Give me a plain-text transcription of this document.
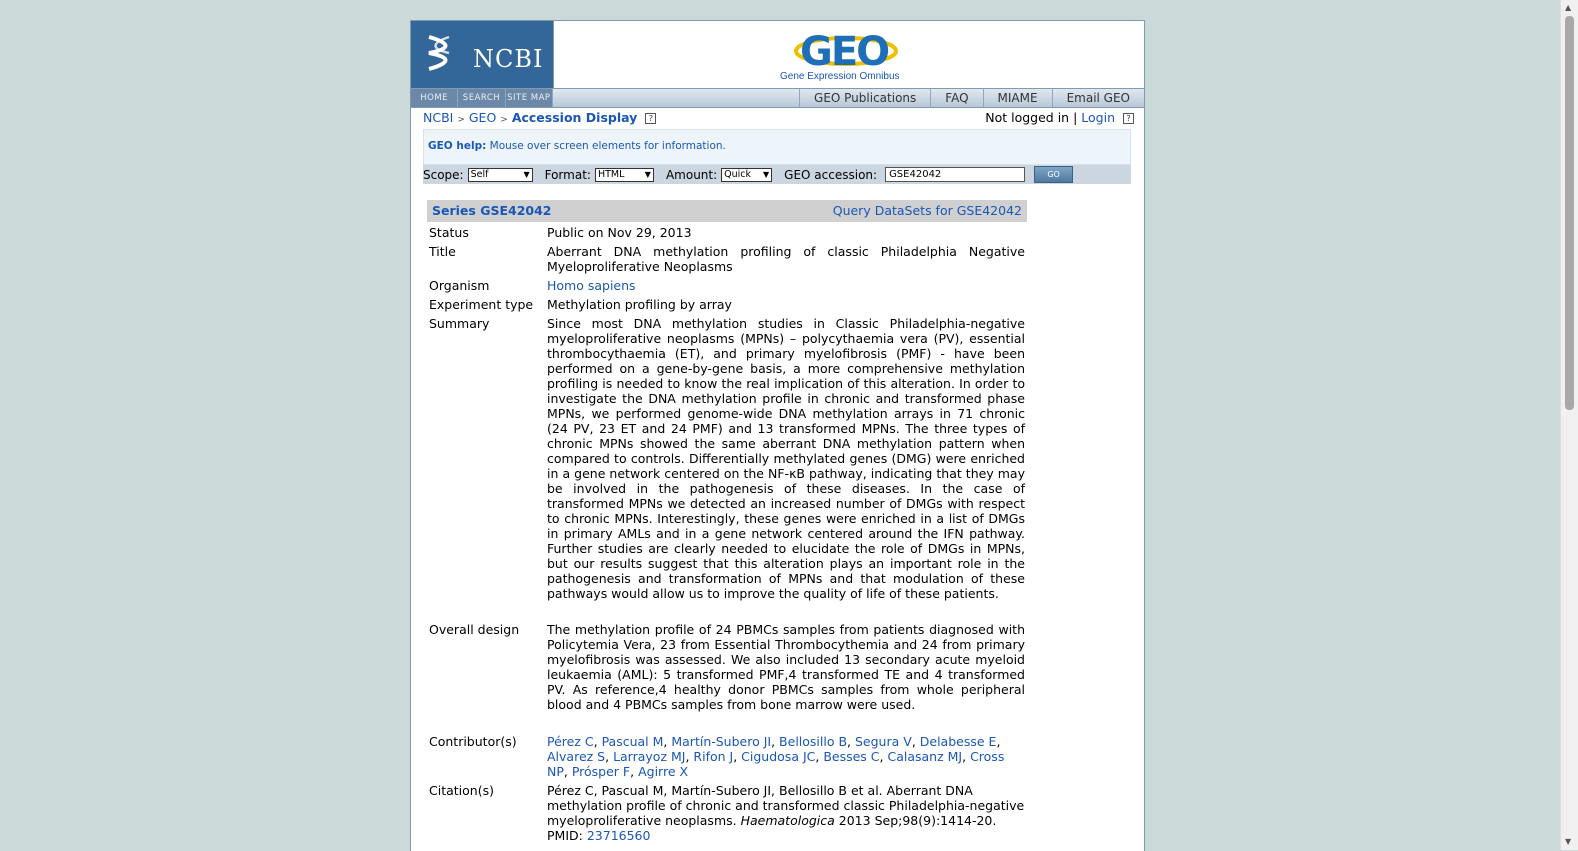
NCBI	GEO
Gene Expression Omnibus
HOME	SEARCH SITE MAP	GEO Publications	FAQ	MIAME	Email GEO
NCBI > GEO > Accession Display ?	Not logged in | Login ?
GEO help: Mouse over screen elements for information.
Scope: Self	▼ Format: HTML	▼ Amount: Quick ▼ GEO accession:	GSE42042	GO
Series GSE42042	Query DataSets for GSE42042
Status	Public on Nov 29, 2013
Title	Aberrant DNA methylation profiling of classic Philadelphia Negative Myeloproliferative Neoplasms
Organism	Homo sapiens
Experiment type	Methylation profiling by array
Summary	Since most DNA methylation studies in Classic Philadelphia-negative myeloproliferative neoplasms (MPNs) – polycythaemia vera (PV), essential thrombocythaemia (ET), and primary myelofibrosis (PMF) - have been performed on a gene-by-gene basis, a more comprehensive methylation profiling is needed to know the real implication of this alteration. In order to investigate the DNA methylation profile in chronic and transformed phase MPNs, we performed genome-wide DNA methylation arrays in 71 chronic (24 PV, 23 ET and 24 PMF) and 13 transformed MPNs. The three types of chronic MPNs showed the same aberrant DNA methylation pattern when compared to controls. Differentially methylated genes (DMG) were enriched in a gene network centered on the NF-κB pathway, indicating that they may be involved in the pathogenesis of these diseases. In the case of transformed MPNs we detected an increased number of DMGs with respect to chronic MPNs. Interestingly, these genes were enriched in a list of DMGs in primary AMLs and in a gene network centered around the IFN pathway. Further studies are clearly needed to elucidate the role of DMGs in MPNs, but our results suggest that this alteration plays an important role in the pathogenesis and transformation of MPNs and that modulation of these pathways would allow us to improve the quality of life of these patients.
Overall design	The methylation profile of 24 PBMCs samples from patients diagnosed with Policytemia Vera, 23 from Essential Thrombocythemia and 24 from primary myelofibrosis was assessed. We also included 13 secondary acute myeloid leukaemia (AML): 5 transformed PMF,4 transformed TE and 4 transformed PV. As reference,4 healthy donor PBMCs samples from whole peripheral blood and 4 PBMCs samples from bone marrow were used.
Contributor(s)	Pérez C, Pascual M, Martín-Subero JI, Bellosillo B, Segura V, Delabesse E, Alvarez S, Larrayoz MJ, Rifon J, Cigudosa JC, Besses C, Calasanz MJ, Cross NP, Prósper F, Agirre X
Citation(s)	Pérez C, Pascual M, Martín-Subero JI, Bellosillo B et al. Aberrant DNA methylation profile of chronic and transformed classic Philadelphia-negative myeloproliferative neoplasms. Haematologica 2013 Sep;98(9):1414-20.
PMID: 23716560
▲
▼
